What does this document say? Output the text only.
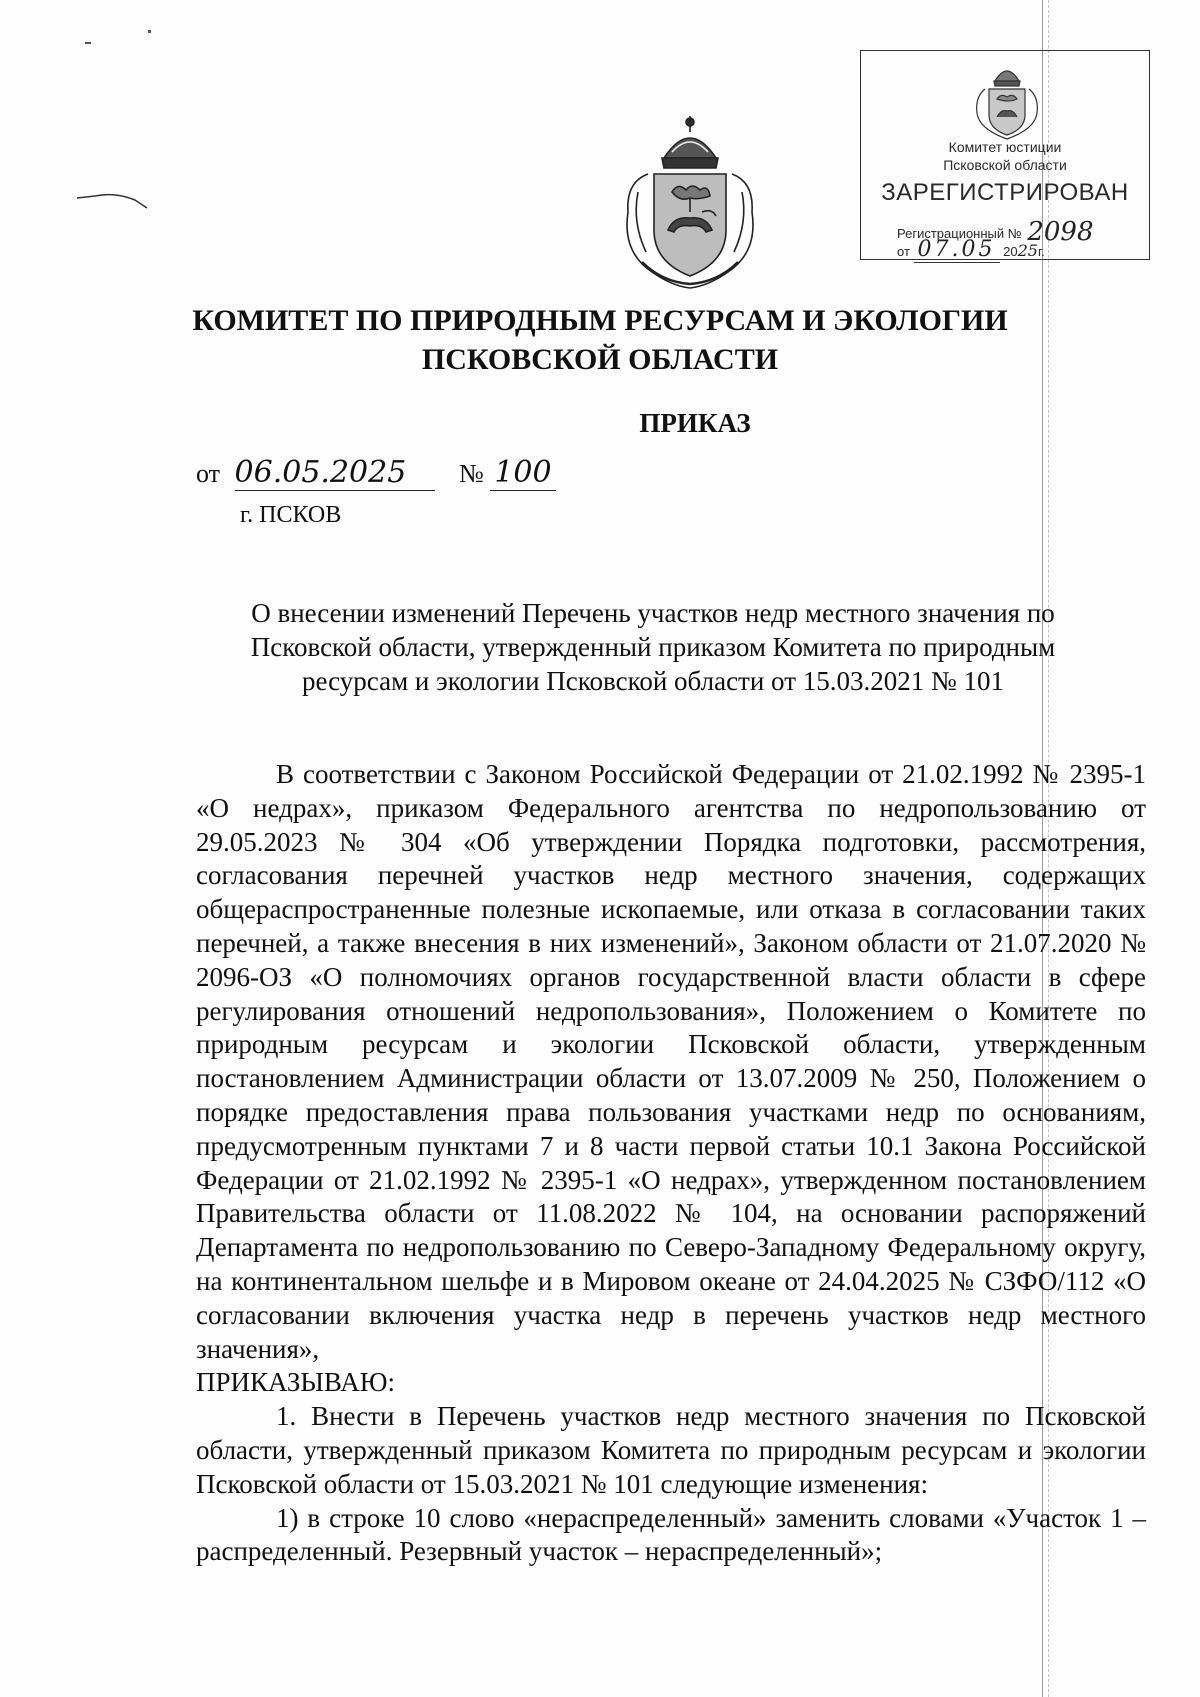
Комитет юстиции
Псковской области
ЗАРЕГИСТРИРОВАН
Регистрационный № 2098
от 07.05 2025г.
КОМИТЕТ ПО ПРИРОДНЫМ РЕСУРСАМ И ЭКОЛОГИИ
ПСКОВСКОЙ ОБЛАСТИ
ПРИКАЗ
от 06.05.2025 № 100
г. ПСКОВ
О внесении изменений Перечень участков недр местного значения по Псковской области, утвержденный приказом Комитета по природным ресурсам и экологии Псковской области от 15.03.2021 № 101

В соответствии с Законом Российской Федерации от 21.02.1992 № 2395-1 «О недрах», приказом Федерального агентства по недропользованию от 29.05.2023 № 304 «Об утверждении Порядка подготовки, рассмотрения, согласования перечней участков недр местного значения, содержащих общераспространенные полезные ископаемые, или отказа в согласовании таких перечней, а также внесения в них изменений», Законом области от 21.07.2020 № 2096-ОЗ «О полномочиях органов государственной власти области в сфере регулирования отношений недропользования», Положением о Комитете по природным ресурсам и экологии Псковской области, утвержденным постановлением Администрации области от 13.07.2009 № 250, Положением о порядке предоставления права пользования участками недр по основаниям, предусмотренным пунктами 7 и 8 части первой статьи 10.1 Закона Российской Федерации от 21.02.1992 № 2395-1 «О недрах», утвержденном постановлением Правительства области от 11.08.2022 № 104, на основании распоряжений Департамента по недропользованию по Северо-Западному Федеральному округу, на континентальном шельфе и в Мировом океане от 24.04.2025 № СЗФО/112 «О согласовании включения участка недр в перечень участков недр местного значения»,

ПРИКАЗЫВАЮ:

1. Внести в Перечень участков недр местного значения по Псковской области, утвержденный приказом Комитета по природным ресурсам и экологии Псковской области от 15.03.2021 № 101 следующие изменения:

1) в строке 10 слово «нераспределенный» заменить словами «Участок 1 – распределенный. Резервный участок – нераспределенный»;
